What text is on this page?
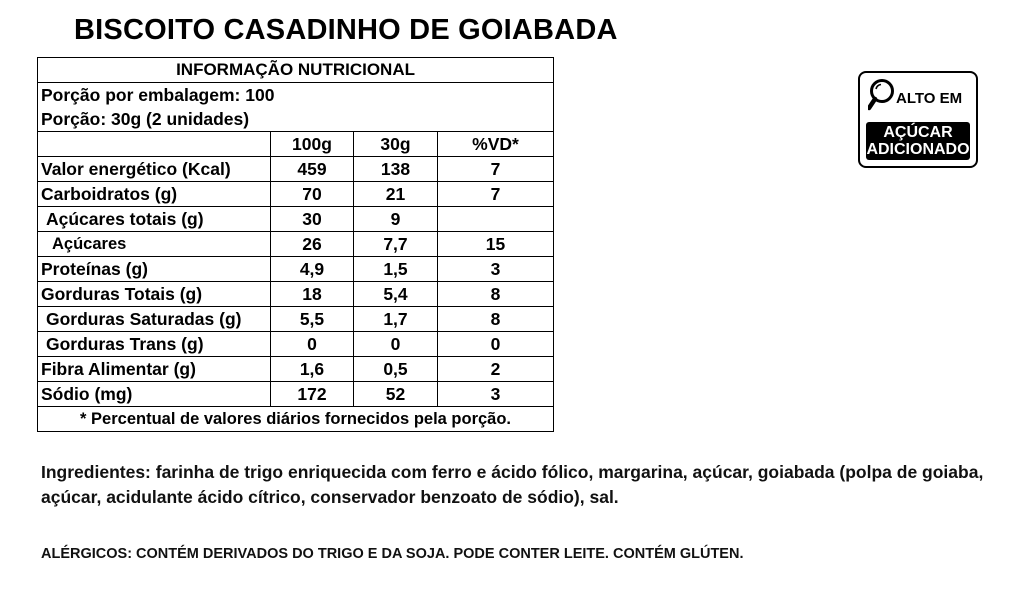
BISCOITO CASADINHO DE GOIABADA
INFORMAÇÃO NUTRICIONAL			
Porção por embalagem: 100			
Porção: 30g (2 unidades)			
	100g	30g	%VD*
Valor energético (Kcal)	459	138	7
Carboidratos (g)	70	21	7
Açúcares totais (g)	30	9	
Açúcares	26	7,7	15
Proteínas (g)	4,9	1,5	3
Gorduras Totais (g)	18	5,4	8
Gorduras Saturadas (g)	5,5	1,7	8
Gorduras Trans (g)	0	0	0
Fibra Alimentar (g)	1,6	0,5	2
Sódio (mg)	172	52	3
* Percentual de valores diários fornecidos pela porção.			
ALTO EM
AÇÚCAR
ADICIONADO
Ingredientes: farinha de trigo enriquecida com ferro e ácido fólico, margarina, açúcar, goiabada (polpa de goiaba, açúcar, acidulante ácido cítrico, conservador benzoato de sódio), sal.
ALÉRGICOS: CONTÉM DERIVADOS DO TRIGO E DA SOJA. PODE CONTER LEITE. CONTÉM GLÚTEN.
